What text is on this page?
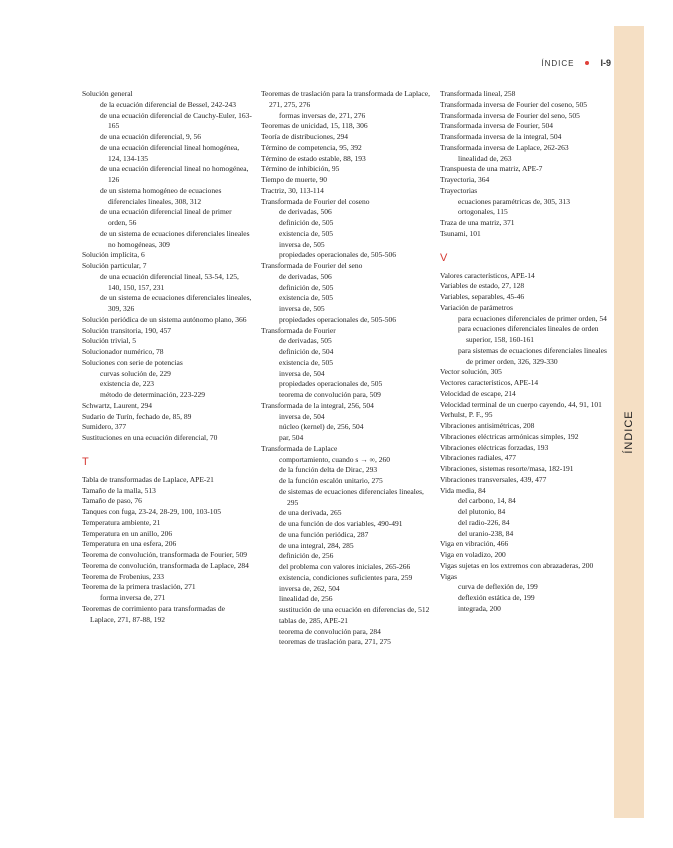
ÍNDICE
ÍNDICE	I-9
Solución general
de la ecuación diferencial de Bessel, 242-243
de una ecuación diferencial de Cauchy-Euler, 163-165
de una ecuación diferencial, 9, 56
de una ecuación diferencial lineal homogénea, 124, 134-135
de una ecuación diferencial lineal no homogénea, 126
de un sistema homogéneo de ecuaciones diferenciales lineales, 308, 312
de una ecuación diferencial lineal de primer orden, 56
de un sistema de ecuaciones diferenciales lineales no homogéneas, 309
Solución implícita, 6
Solución particular, 7
de una ecuación diferencial lineal, 53-54, 125, 140, 150, 157, 231
de un sistema de ecuaciones diferenciales lineales, 309, 326
Solución periódica de un sistema autónomo plano, 366
Solución transitoria, 190, 457
Solución trivial, 5
Solucionador numérico, 78
Soluciones con serie de potencias
curvas solución de, 229
existencia de, 223
método de determinación, 223-229
Schwartz, Laurent, 294
Sudario de Turín, fechado de, 85, 89
Sumidero, 377
Sustituciones en una ecuación diferencial, 70
T
Tabla de transformadas de Laplace, APE-21
Tamaño de la malla, 513
Tamaño de paso, 76
Tanques con fuga, 23-24, 28-29, 100, 103-105
Temperatura ambiente, 21
Temperatura en un anillo, 206
Temperatura en una esfera, 206
Teorema de convolución, transformada de Fourier, 509
Teorema de convolución, transformada de Laplace, 284
Teorema de Frobenius, 233
Teorema de la primera traslación, 271
forma inversa de, 271
Teoremas de corrimiento para transformadas de Laplace, 271, 87-88, 192
Teoremas de traslación para la transformada de Laplace, 271, 275, 276
formas inversas de, 271, 276
Teoremas de unicidad, 15, 118, 306
Teoría de distribuciones, 294
Término de competencia, 95, 392
Término de estado estable, 88, 193
Término de inhibición, 95
Tiempo de muerte, 90
Tractriz, 30, 113-114
Transformada de Fourier del coseno
de derivadas, 506
definición de, 505
existencia de, 505
inversa de, 505
propiedades operacionales de, 505-506
Transformada de Fourier del seno
de derivadas, 506
definición de, 505
existencia de, 505
inversa de, 505
propiedades operacionales de, 505-506
Transformada de Fourier
de derivadas, 505
definición de, 504
existencia de, 505
inversa de, 504
propiedades operacionales de, 505
teorema de convolución para, 509
Transformada de la integral, 256, 504
inversa de, 504
núcleo (kernel) de, 256, 504
par, 504
Transformada de Laplace
comportamiento, cuando s → ∞, 260
de la función delta de Dirac, 293
de la función escalón unitario, 275
de sistemas de ecuaciones diferenciales lineales, 295
de una derivada, 265
de una función de dos variables, 490-491
de una función periódica, 287
de una integral, 284, 285
definición de, 256
del problema con valores iniciales, 265-266
existencia, condiciones suficientes para, 259
inversa de, 262, 504
linealidad de, 256
sustitución de una ecuación en diferencias de, 512
tablas de, 285, APE-21
teorema de convolución para, 284
teoremas de traslación para, 271, 275
Transformada lineal, 258
Transformada inversa de Fourier del coseno, 505
Transformada inversa de Fourier del seno, 505
Transformada inversa de Fourier, 504
Transformada inversa de la integral, 504
Transformada inversa de Laplace, 262-263
linealidad de, 263
Transpuesta de una matriz, APE-7
Trayectoria, 364
Trayectorias
ecuaciones paramétricas de, 305, 313
ortogonales, 115
Traza de una matriz, 371
Tsunami, 101
V
Valores característicos, APE-14
Variables de estado, 27, 128
Variables, separables, 45-46
Variación de parámetros
para ecuaciones diferenciales de primer orden, 54
para ecuaciones diferenciales lineales de orden superior, 158, 160-161
para sistemas de ecuaciones diferenciales lineales de primer orden, 326, 329-330
Vector solución, 305
Vectores característicos, APE-14
Velocidad de escape, 214
Velocidad terminal de un cuerpo cayendo, 44, 91, 101
Verhulst, P. F., 95
Vibraciones antisimétricas, 208
Vibraciones eléctricas armónicas simples, 192
Vibraciones eléctricas forzadas, 193
Vibraciones radiales, 477
Vibraciones, sistemas resorte/masa, 182-191
Vibraciones transversales, 439, 477
Vida media, 84
del carbono, 14, 84
del plutonio, 84
del radio-226, 84
del uranio-238, 84
Viga en vibración, 466
Viga en voladizo, 200
Vigas sujetas en los extremos con abrazaderas, 200
Vigas
curva de deflexión de, 199
deflexión estática de, 199
integrada, 200
